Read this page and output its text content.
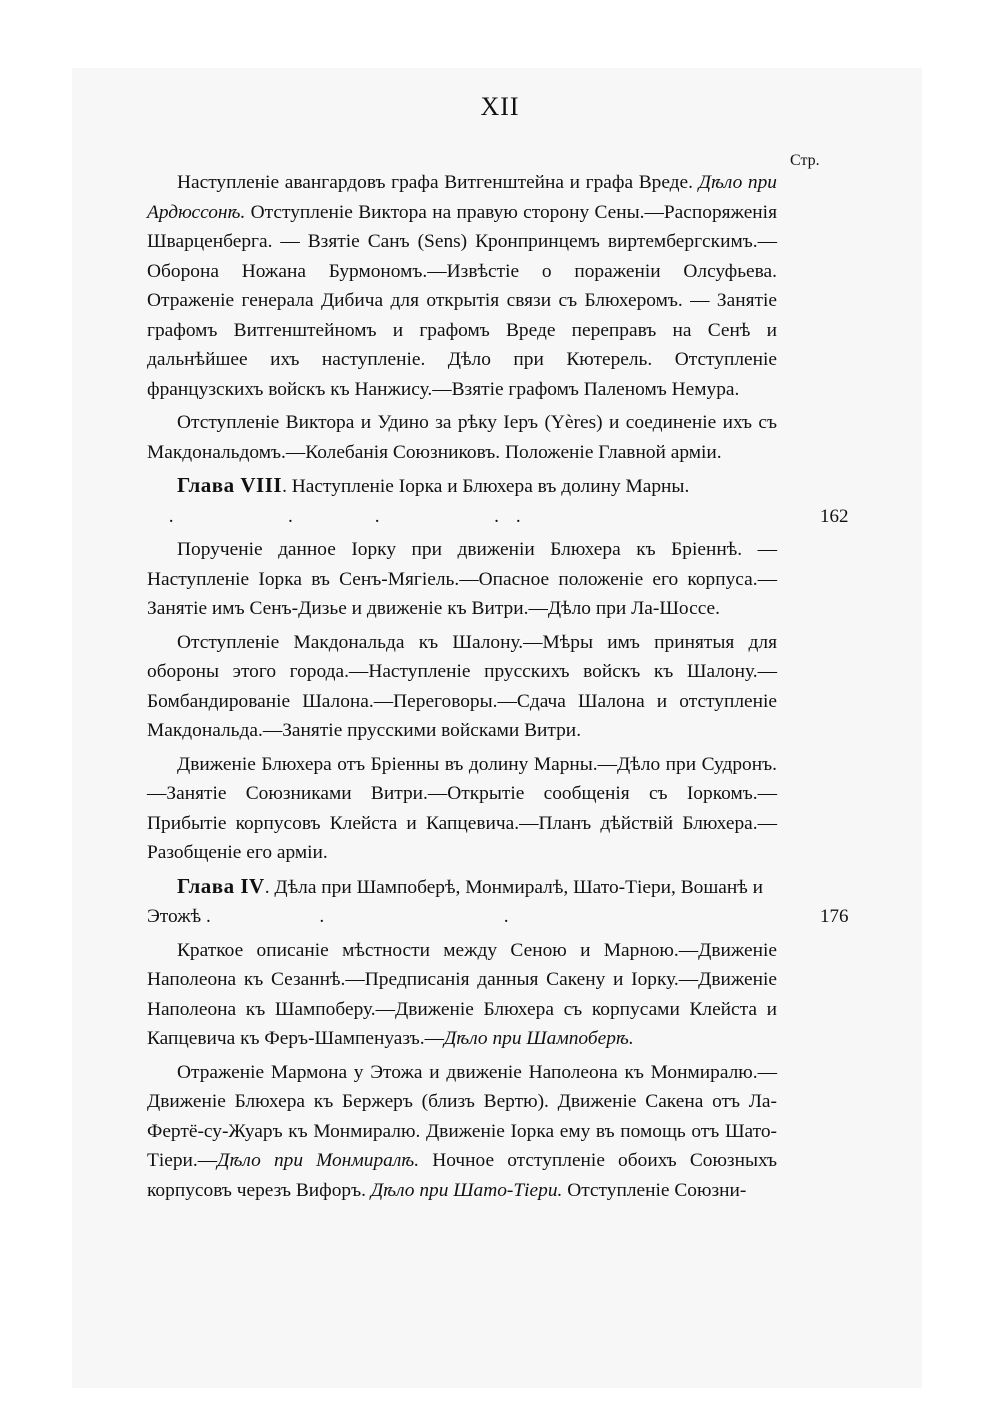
XII
Стр.

Наступленіе авангардовъ графа Витгенштейна и графа Вреде. Дѣло при Ардюссонѣ. Отступленіе Виктора на правую сторону Сены.—Распоряженія Шварценберга. — Взятіе Санъ (Sens) Кронпринцемъ виртембергскимъ.—Оборона Ножана Бурмономъ.—Извѣстіе о пораженіи Олсуфьева. Отраженіе генерала Дибича для открытія связи съ Блюхеромъ. — Занятіе графомъ Витгенштейномъ и графомъ Вреде переправъ на Сенѣ и дальнѣйшее ихъ наступленіе. Дѣло при Кютерель. Отступленіе французскихъ войскъ къ Нанжису.—Взятіе графомъ Паленомъ Немура.

Отступленіе Виктора и Удино за рѣку Іеръ (Yères) и соединеніе ихъ съ Макдональдомъ.—Колебанія Союзниковъ. Положеніе Главной арміи.

Глава VIII. Наступленіе Іорка и Блюхера въ долину Марны.  .          .       .          . .	162

Порученіе данное Іорку при движеніи Блюхера къ Бріеннѣ. —Наступленіе Іорка въ Сенъ-Мягіель.—Опасное положеніе его корпуса.—Занятіе имъ Сенъ-Дизье и движеніе къ Витри.—Дѣло при Ла-Шоссе.

Отступленіе Макдональда къ Шалону.—Мѣры имъ принятыя для обороны этого города.—Наступленіе прусскихъ войскъ къ Шалону.—Бомбандированіе Шалона.—Переговоры.—Сдача Шалона и отступленіе Макдональда.—Занятіе прусскими войсками Витри.

Движеніе Блюхера отъ Бріенны въ долину Марны.—Дѣло при Судронъ.—Занятіе Союзниками Витри.—Открытіе сообщенія съ Іоркомъ.—Прибытіе корпусовъ Клейста и Капцевича.—Планъ дѣйствій Блюхера.—Разобщеніе его арміи.

Глава IV. Дѣла при Шампоберѣ, Монмиралѣ, Шато-Тіери, Вошанѣ и Этожѣ .          .                .	176

Краткое описаніе мѣстности между Сеною и Марною.—Движеніе Наполеона къ Сезаннѣ.—Предписанія данныя Сакену и Іорку.—Движеніе Наполеона къ Шампоберу.—Движеніе Блюхера съ корпусами Клейста и Капцевича къ Феръ-Шампенуазъ.—Дѣло при Шампоберѣ.

Отраженіе Мармона у Этожа и движеніе Наполеона къ Монмиралю.—Движеніе Блюхера къ Бержеръ (близъ Вертю). Движеніе Сакена отъ Ла-Фертё-су-Жуаръ къ Монмиралю. Движеніе Іорка ему въ помощь отъ Шато-Тіери.—Дѣло при Монмиралѣ. Ночное отступленіе обоихъ Союзныхъ корпусовъ черезъ Вифоръ. Дѣло при Шато-Тіери. Отступленіе Союзни-
